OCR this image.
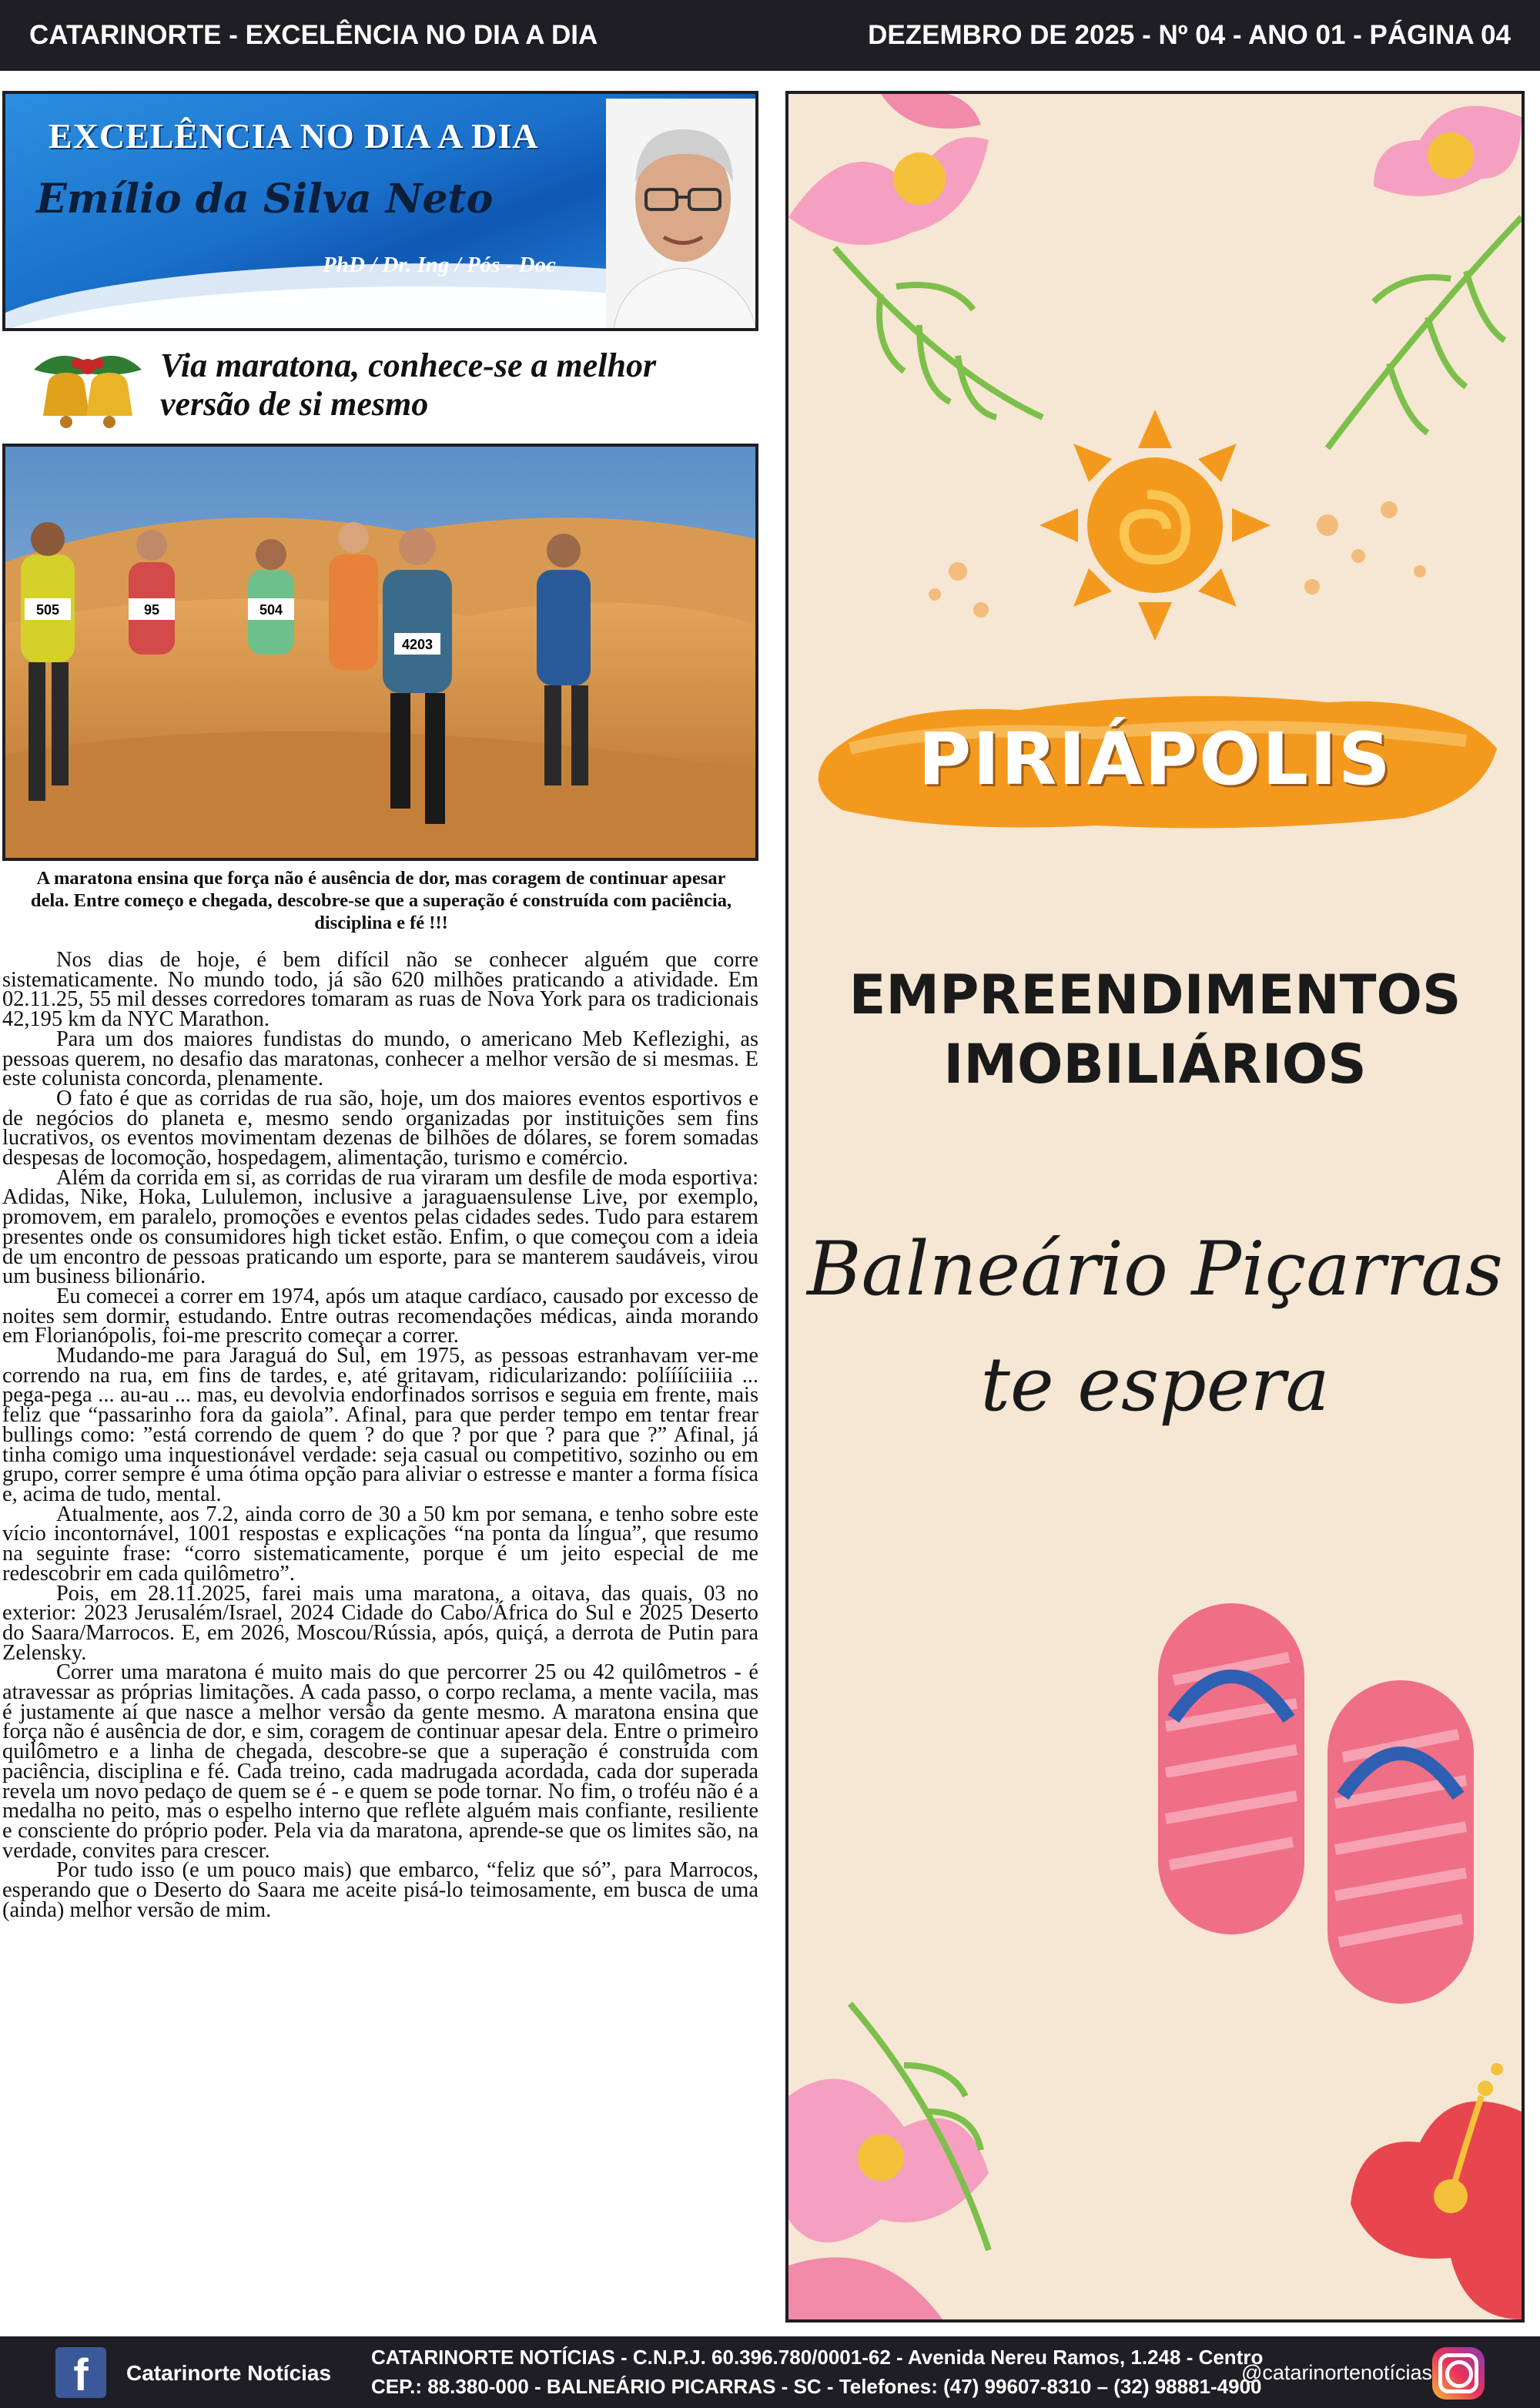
CATARINORTE - EXCELÊNCIA NO DIA A DIA	DEZEMBRO DE 2025 - Nº 04 - ANO 01 - PÁGINA 04
EXCELÊNCIA NO DIA A DIA
Emílio da Silva Neto
PhD / Dr. Ing / Pós - Doc
Via maratona, conhece-se a melhor
versão de si mesmo
505	95	504
4203
A maratona ensina que força não é ausência de dor, mas coragem de continuar apesar dela. Entre começo e chegada, descobre-se que a superação é construída com paciência, disciplina e fé !!!

Nos dias de hoje, é bem difícil não se conhecer alguém que corre sistematicamente. No mundo todo, já são 620 milhões praticando a atividade. Em 02.11.25, 55 mil desses corredores tomaram as ruas de Nova York para os tradicionais 42,195 km da NYC Marathon.

Para um dos maiores fundistas do mundo, o americano Meb Keflezighi, as pessoas querem, no desafio das maratonas, conhecer a melhor versão de si mesmas. E este colunista concorda, plenamente.

O fato é que as corridas de rua são, hoje, um dos maiores eventos esportivos e de negócios do planeta e, mesmo sendo organizadas por instituições sem fins lucrativos, os eventos movimentam dezenas de bilhões de dólares, se forem somadas despesas de locomoção, hospedagem, alimentação, turismo e comércio.

Além da corrida em si, as corridas de rua viraram um desfile de moda esportiva: Adidas, Nike, Hoka, Lululemon, inclusive a jaraguaensulense Live, por exemplo, promovem, em paralelo, promoções e eventos pelas cidades sedes. Tudo para estarem presentes onde os consumidores high ticket estão. Enfim, o que começou com a ideia de um encontro de pessoas praticando um esporte, para se manterem saudáveis, virou um business bilionário.

Eu comecei a correr em 1974, após um ataque cardíaco, causado por excesso de noites sem dormir, estudando. Entre outras recomendações médicas, ainda morando em Florianópolis, foi-me prescrito começar a correr.

Mudando-me para Jaraguá do Sul, em 1975, as pessoas estranhavam ver-me correndo na rua, em fins de tardes, e, até gritavam, ridicularizando: polííííciiiia ... pega-pega ... au-au ... mas, eu devolvia endorfinados sorrisos e seguia em frente, mais feliz que “passarinho fora da gaiola”. Afinal, para que perder tempo em tentar frear bullings como: ”está correndo de quem ? do que ? por que ? para que ?” Afinal, já tinha comigo uma inquestionável verdade: seja casual ou competitivo, sozinho ou em grupo, correr sempre é uma ótima opção para aliviar o estresse e manter a forma física e, acima de tudo, mental.

Atualmente, aos 7.2, ainda corro de 30 a 50 km por semana, e tenho sobre este vício incontornável, 1001 respostas e explicações “na ponta da língua”, que resumo na seguinte frase: “corro sistematicamente, porque é um jeito especial de me redescobrir em cada quilômetro”.

Pois, em 28.11.2025, farei mais uma maratona, a oitava, das quais, 03 no exterior: 2023 Jerusalém/Israel, 2024 Cidade do Cabo/África do Sul e 2025 Deserto do Saara/Marrocos. E, em 2026, Moscou/Rússia, após, quiçá, a derrota de Putin para Zelensky.

Correr uma maratona é muito mais do que percorrer 25 ou 42 quilômetros - é atravessar as próprias limitações. A cada passo, o corpo reclama, a mente vacila, mas é justamente aí que nasce a melhor versão da gente mesmo. A maratona ensina que força não é ausência de dor, e sim, coragem de continuar apesar dela. Entre o primeiro quilômetro e a linha de chegada, descobre-se que a superação é construída com paciência, disciplina e fé. Cada treino, cada madrugada acordada, cada dor superada revela um novo pedaço de quem se é - e quem se pode tornar. No fim, o troféu não é a medalha no peito, mas o espelho interno que reflete alguém mais confiante, resiliente e consciente do próprio poder. Pela via da maratona, aprende-se que os limites são, na verdade, convites para crescer.

Por tudo isso (e um pouco mais) que embarco, “feliz que só”, para Marrocos, esperando que o Deserto do Saara me aceite pisá-lo teimosamente, em busca de uma (ainda) melhor versão de mim.

PIRIÁPOLIS
EMPREENDIMENTOS
IMOBILIÁRIOS
Balneário Piçarras
te espera
f	Catarinorte Notícias
CATARINORTE NOTÍCIAS - C.N.P.J. 60.396.780/0001-62 - Avenida Nereu Ramos, 1.248 - Centro
CEP.: 88.380-000 - BALNEÁRIO PICARRAS - SC - Telefones: (47) 99607-8310 – (32) 98881-4900
@catarinortenotícias
